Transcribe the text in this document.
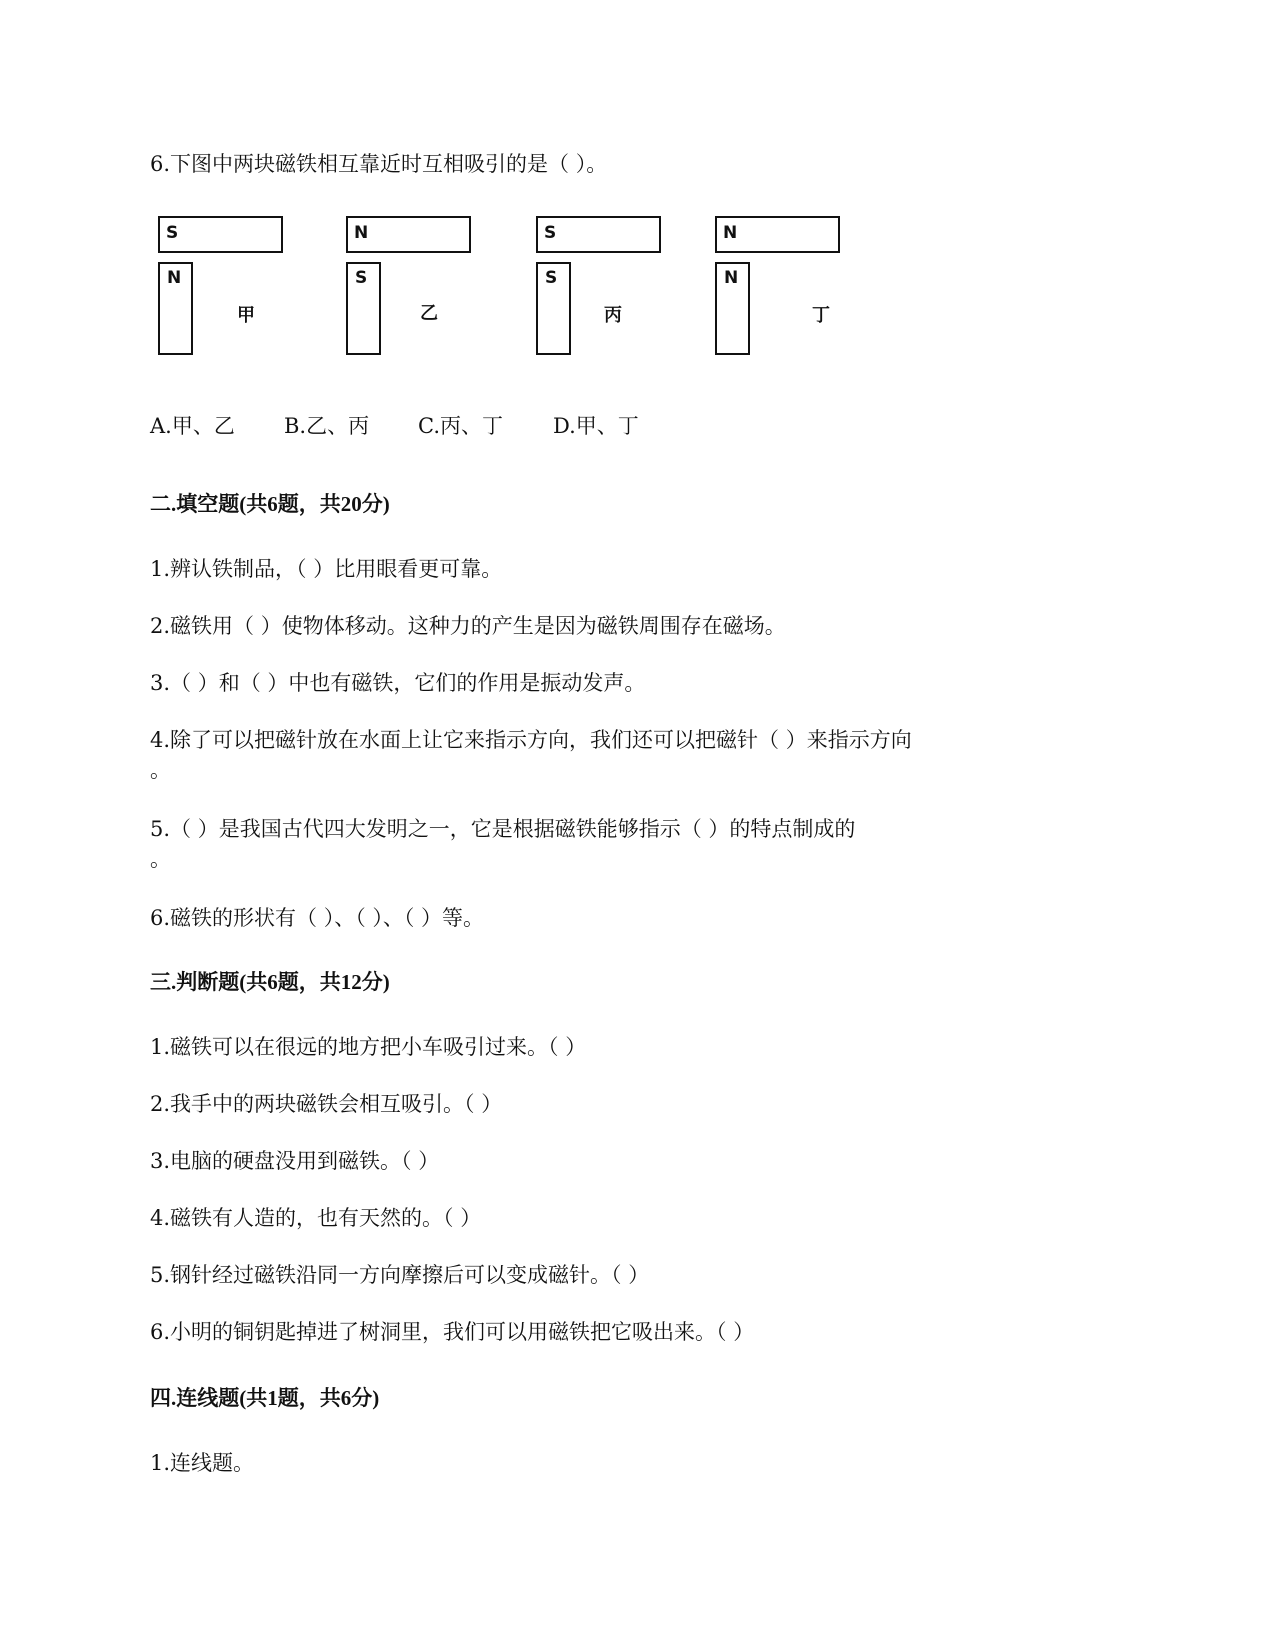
6.下图中两块磁铁相互靠近时互相吸引的是（ ）。
S
N
甲
N
S
乙
S
S
丙
N
N
丁
A.甲、乙 B.乙、丙 C.丙、丁 D.甲、丁
二.填空题(共6题，共20分)
1.辨认铁制品，（ ）比用眼看更可靠。
2.磁铁用（ ）使物体移动。这种力的产生是因为磁铁周围存在磁场。
3.（ ）和（ ）中也有磁铁，它们的作用是振动发声。
4.除了可以把磁针放在水面上让它来指示方向，我们还可以把磁针（ ）来指示方向
。
5.（ ）是我国古代四大发明之一，它是根据磁铁能够指示（ ）的特点制成的
。
6.磁铁的形状有（ ）、（ ）、（ ）等。
三.判断题(共6题，共12分)
1.磁铁可以在很远的地方把小车吸引过来。（ ）
2.我手中的两块磁铁会相互吸引。（ ）
3.电脑的硬盘没用到磁铁。（ ）
4.磁铁有人造的，也有天然的。（ ）
5.钢针经过磁铁沿同一方向摩擦后可以变成磁针。（ ）
6.小明的铜钥匙掉进了树洞里，我们可以用磁铁把它吸出来。（ ）
四.连线题(共1题，共6分)
1.连线题。
